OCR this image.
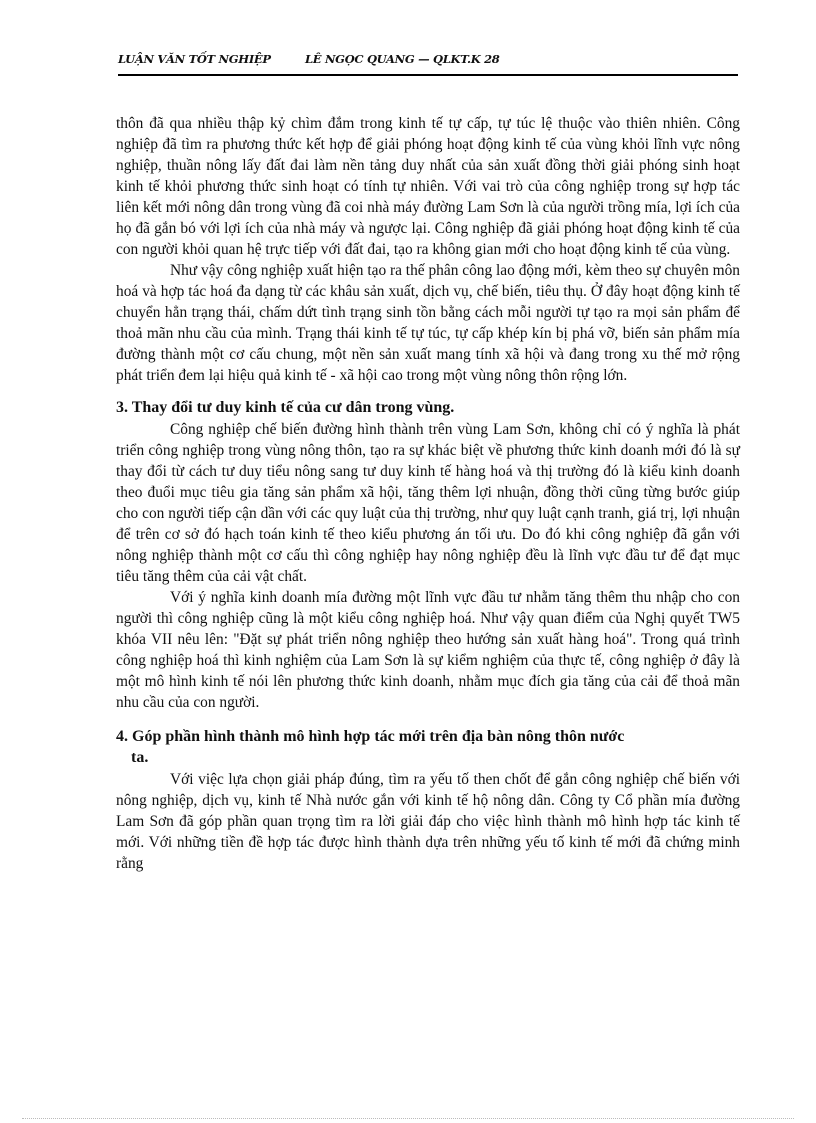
LUẬN VĂN TỐT NGHIỆP	LÊ NGỌC QUANG — QLKT.K 28

thôn đã qua nhiều thập kỷ chìm đắm trong kinh tế tự cấp, tự túc lệ thuộc vào thiên nhiên. Công nghiệp đã tìm ra phương thức kết hợp để giải phóng hoạt động kinh tế của vùng khỏi lĩnh vực nông nghiệp, thuần nông lấy đất đai làm nền tảng duy nhất của sản xuất đồng thời giải phóng sinh hoạt kinh tế khỏi phương thức sinh hoạt có tính tự nhiên. Với vai trò của công nghiệp trong sự hợp tác liên kết mới nông dân trong vùng đã coi nhà máy đường Lam Sơn là của người trồng mía, lợi ích của họ đã gắn bó với lợi ích của nhà máy và ngược lại. Công nghiệp đã giải phóng hoạt động kinh tế của con người khỏi quan hệ trực tiếp với đất đai, tạo ra không gian mới cho hoạt động kinh tế của vùng.

Như vậy công nghiệp xuất hiện tạo ra thế phân công lao động mới, kèm theo sự chuyên môn hoá và hợp tác hoá đa dạng từ các khâu sản xuất, dịch vụ, chế biến, tiêu thụ. Ở đây hoạt động kinh tế chuyển hẳn trạng thái, chấm dứt tình trạng sinh tồn bằng cách mỗi người tự tạo ra mọi sản phẩm để thoả mãn nhu cầu của mình. Trạng thái kinh tế tự túc, tự cấp khép kín bị phá vỡ, biến sản phẩm mía đường thành một cơ cấu chung, một nền sản xuất mang tính xã hội và đang trong xu thế mở rộng phát triển đem lại hiệu quả kinh tế - xã hội cao trong một vùng nông thôn rộng lớn.

3. Thay đổi tư duy kinh tế của cư dân trong vùng.

Công nghiệp chế biến đường hình thành trên vùng Lam Sơn, không chỉ có ý nghĩa là phát triển công nghiệp trong vùng nông thôn, tạo ra sự khác biệt về phương thức kinh doanh mới đó là sự thay đổi từ cách tư duy tiểu nông sang tư duy kinh tế hàng hoá và thị trường đó là kiểu kinh doanh theo đuổi mục tiêu gia tăng sản phẩm xã hội, tăng thêm lợi nhuận, đồng thời cũng từng bước giúp cho con người tiếp cận dần với các quy luật của thị trường, như quy luật cạnh tranh, giá trị, lợi nhuận để trên cơ sở đó hạch toán kinh tế theo kiểu phương án tối ưu. Do đó khi công nghiệp đã gắn với nông nghiệp thành một cơ cấu thì công nghiệp hay nông nghiệp đều là lĩnh vực đầu tư để đạt mục tiêu tăng thêm của cải vật chất.

Với ý nghĩa kinh doanh mía đường một lĩnh vực đầu tư nhằm tăng thêm thu nhập cho con người thì công nghiệp cũng là một kiểu công nghiệp hoá. Như vậy quan điểm của Nghị quyết TW5 khóa VII nêu lên: "Đặt sự phát triển nông nghiệp theo hướng sản xuất hàng hoá". Trong quá trình công nghiệp hoá thì kinh nghiệm của Lam Sơn là sự kiểm nghiệm của thực tế, công nghiệp ở đây là một mô hình kinh tế nói lên phương thức kinh doanh, nhằm mục đích gia tăng của cải để thoả mãn nhu cầu của con người.

4. Góp phần hình thành mô hình hợp tác mới trên địa bàn nông thôn nước
ta.

Với việc lựa chọn giải pháp đúng, tìm ra yếu tố then chốt để gắn công nghiệp chế biến với nông nghiệp, dịch vụ, kinh tế Nhà nước gắn với kinh tế hộ nông dân. Công ty Cổ phần mía đường Lam Sơn đã góp phần quan trọng tìm ra lời giải đáp cho việc hình thành mô hình hợp tác kinh tế mới. Với những tiền đề hợp tác được hình thành dựa trên những yếu tố kinh tế mới đã chứng minh rằng
